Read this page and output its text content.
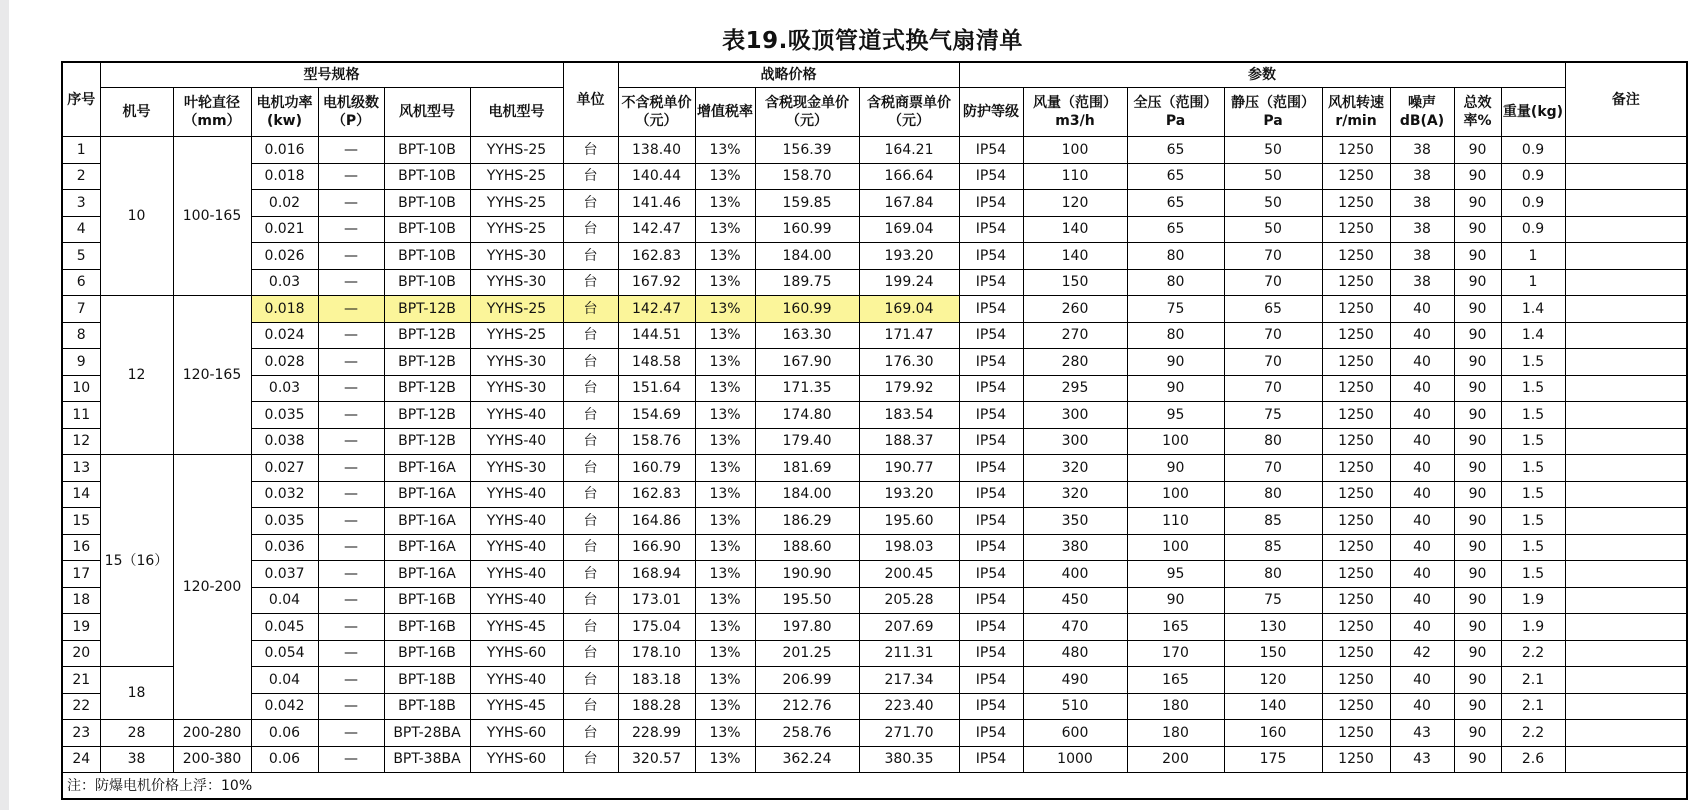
表19.吸顶管道式换气扇清单
序号	型号规格						单位	战略价格				参数								备注
	机号	叶轮直径（mm）	电机功率(kw)	电机级数（P）	风机型号	电机型号		不含税单价（元）	增值税率	含税现金单价（元）	含税商票单价（元）	防护等级	风量（范围）m3/h	全压（范围）Pa	静压（范围）Pa	风机转速r/min	噪声dB(A)	总效率%	重量(kg)	
1	10	100-165	0.016	—	BPT-10B	YYHS-25	台	138.40	13%	156.39	164.21	IP54	100	65	50	1250	38	90	0.9	
2			0.018	—	BPT-10B	YYHS-25	台	140.44	13%	158.70	166.64	IP54	110	65	50	1250	38	90	0.9	
3			0.02	—	BPT-10B	YYHS-25	台	141.46	13%	159.85	167.84	IP54	120	65	50	1250	38	90	0.9	
4			0.021	—	BPT-10B	YYHS-25	台	142.47	13%	160.99	169.04	IP54	140	65	50	1250	38	90	0.9	
5			0.026	—	BPT-10B	YYHS-30	台	162.83	13%	184.00	193.20	IP54	140	80	70	1250	38	90	1	
6			0.03	—	BPT-10B	YYHS-30	台	167.92	13%	189.75	199.24	IP54	150	80	70	1250	38	90	1	
7	12	120-165	0.018	—	BPT-12B	YYHS-25	台	142.47	13%	160.99	169.04	IP54	260	75	65	1250	40	90	1.4	
8			0.024	—	BPT-12B	YYHS-25	台	144.51	13%	163.30	171.47	IP54	270	80	70	1250	40	90	1.4	
9			0.028	—	BPT-12B	YYHS-30	台	148.58	13%	167.90	176.30	IP54	280	90	70	1250	40	90	1.5	
10			0.03	—	BPT-12B	YYHS-30	台	151.64	13%	171.35	179.92	IP54	295	90	70	1250	40	90	1.5	
11			0.035	—	BPT-12B	YYHS-40	台	154.69	13%	174.80	183.54	IP54	300	95	75	1250	40	90	1.5	
12			0.038	—	BPT-12B	YYHS-40	台	158.76	13%	179.40	188.37	IP54	300	100	80	1250	40	90	1.5	
13	15（16）	120-200	0.027	—	BPT-16A	YYHS-30	台	160.79	13%	181.69	190.77	IP54	320	90	70	1250	40	90	1.5	
14			0.032	—	BPT-16A	YYHS-40	台	162.83	13%	184.00	193.20	IP54	320	100	80	1250	40	90	1.5	
15			0.035	—	BPT-16A	YYHS-40	台	164.86	13%	186.29	195.60	IP54	350	110	85	1250	40	90	1.5	
16			0.036	—	BPT-16A	YYHS-40	台	166.90	13%	188.60	198.03	IP54	380	100	85	1250	40	90	1.5	
17			0.037	—	BPT-16A	YYHS-40	台	168.94	13%	190.90	200.45	IP54	400	95	80	1250	40	90	1.5	
18			0.04	—	BPT-16B	YYHS-40	台	173.01	13%	195.50	205.28	IP54	450	90	75	1250	40	90	1.9	
19			0.045	—	BPT-16B	YYHS-45	台	175.04	13%	197.80	207.69	IP54	470	165	130	1250	40	90	1.9	
20			0.054	—	BPT-16B	YYHS-60	台	178.10	13%	201.25	211.31	IP54	480	170	150	1250	42	90	2.2	
21	18		0.04	—	BPT-18B	YYHS-40	台	183.18	13%	206.99	217.34	IP54	490	165	120	1250	40	90	2.1	
22			0.042	—	BPT-18B	YYHS-45	台	188.28	13%	212.76	223.40	IP54	510	180	140	1250	40	90	2.1	
23	28	200-280	0.06	—	BPT-28BA	YYHS-60	台	228.99	13%	258.76	271.70	IP54	600	180	160	1250	43	90	2.2	
24	38	200-380	0.06	—	BPT-38BA	YYHS-60	台	320.57	13%	362.24	380.35	IP54	1000	200	175	1250	43	90	2.6	
注：防爆电机价格上浮：10%																				
